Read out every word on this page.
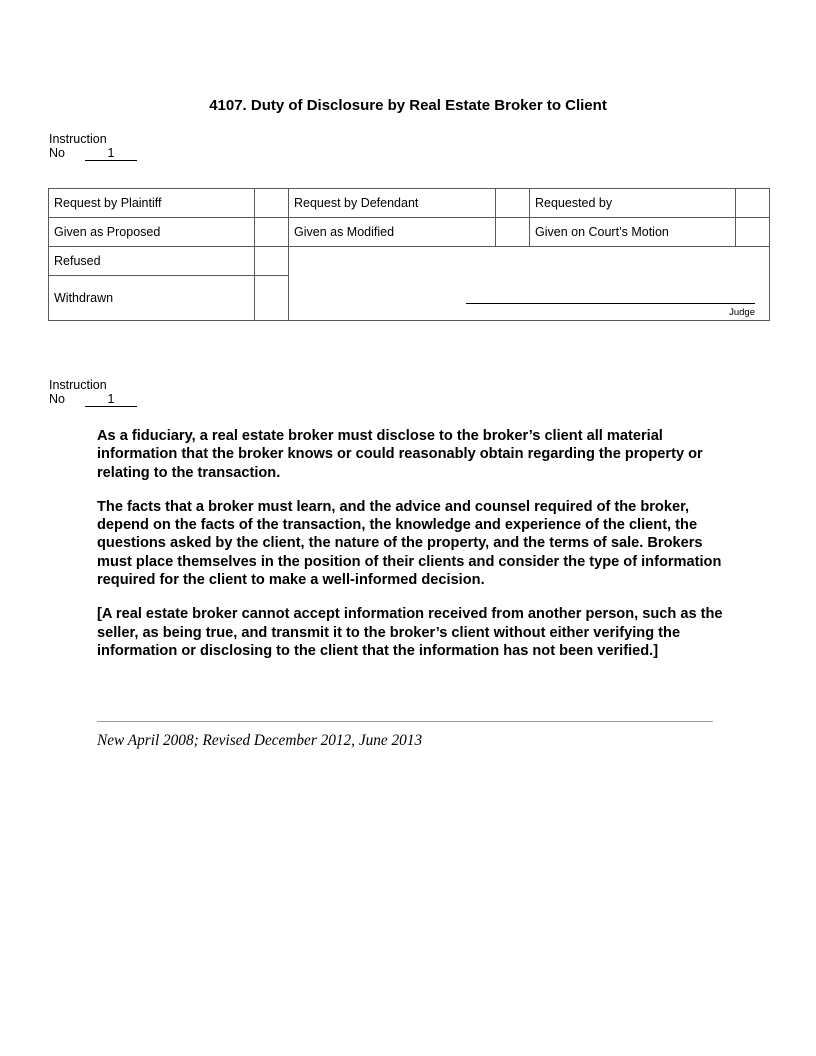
4107. Duty of Disclosure by Real Estate Broker to Client
Instruction
No	1
Request by Plaintiff		Request by Defendant		Requested by	
Given as Proposed		Given as Modified		Given on Court’s Motion	
Refused		Judge			

Withdrawn					
Instruction
No	1

As a fiduciary, a real estate broker must disclose to the broker’s client all material information that the broker knows or could reasonably obtain regarding the property or relating to the transaction.

The facts that a broker must learn, and the advice and counsel required of the broker, depend on the facts of the transaction, the knowledge and experience of the client, the questions asked by the client, the nature of the property, and the terms of sale. Brokers must place themselves in the position of their clients and consider the type of information required for the client to make a well-informed decision.

[A real estate broker cannot accept information received from another person, such as the seller, as being true, and transmit it to the broker’s client without either verifying the information or disclosing to the client that the information has not been verified.]

New April 2008; Revised December 2012, June 2013
